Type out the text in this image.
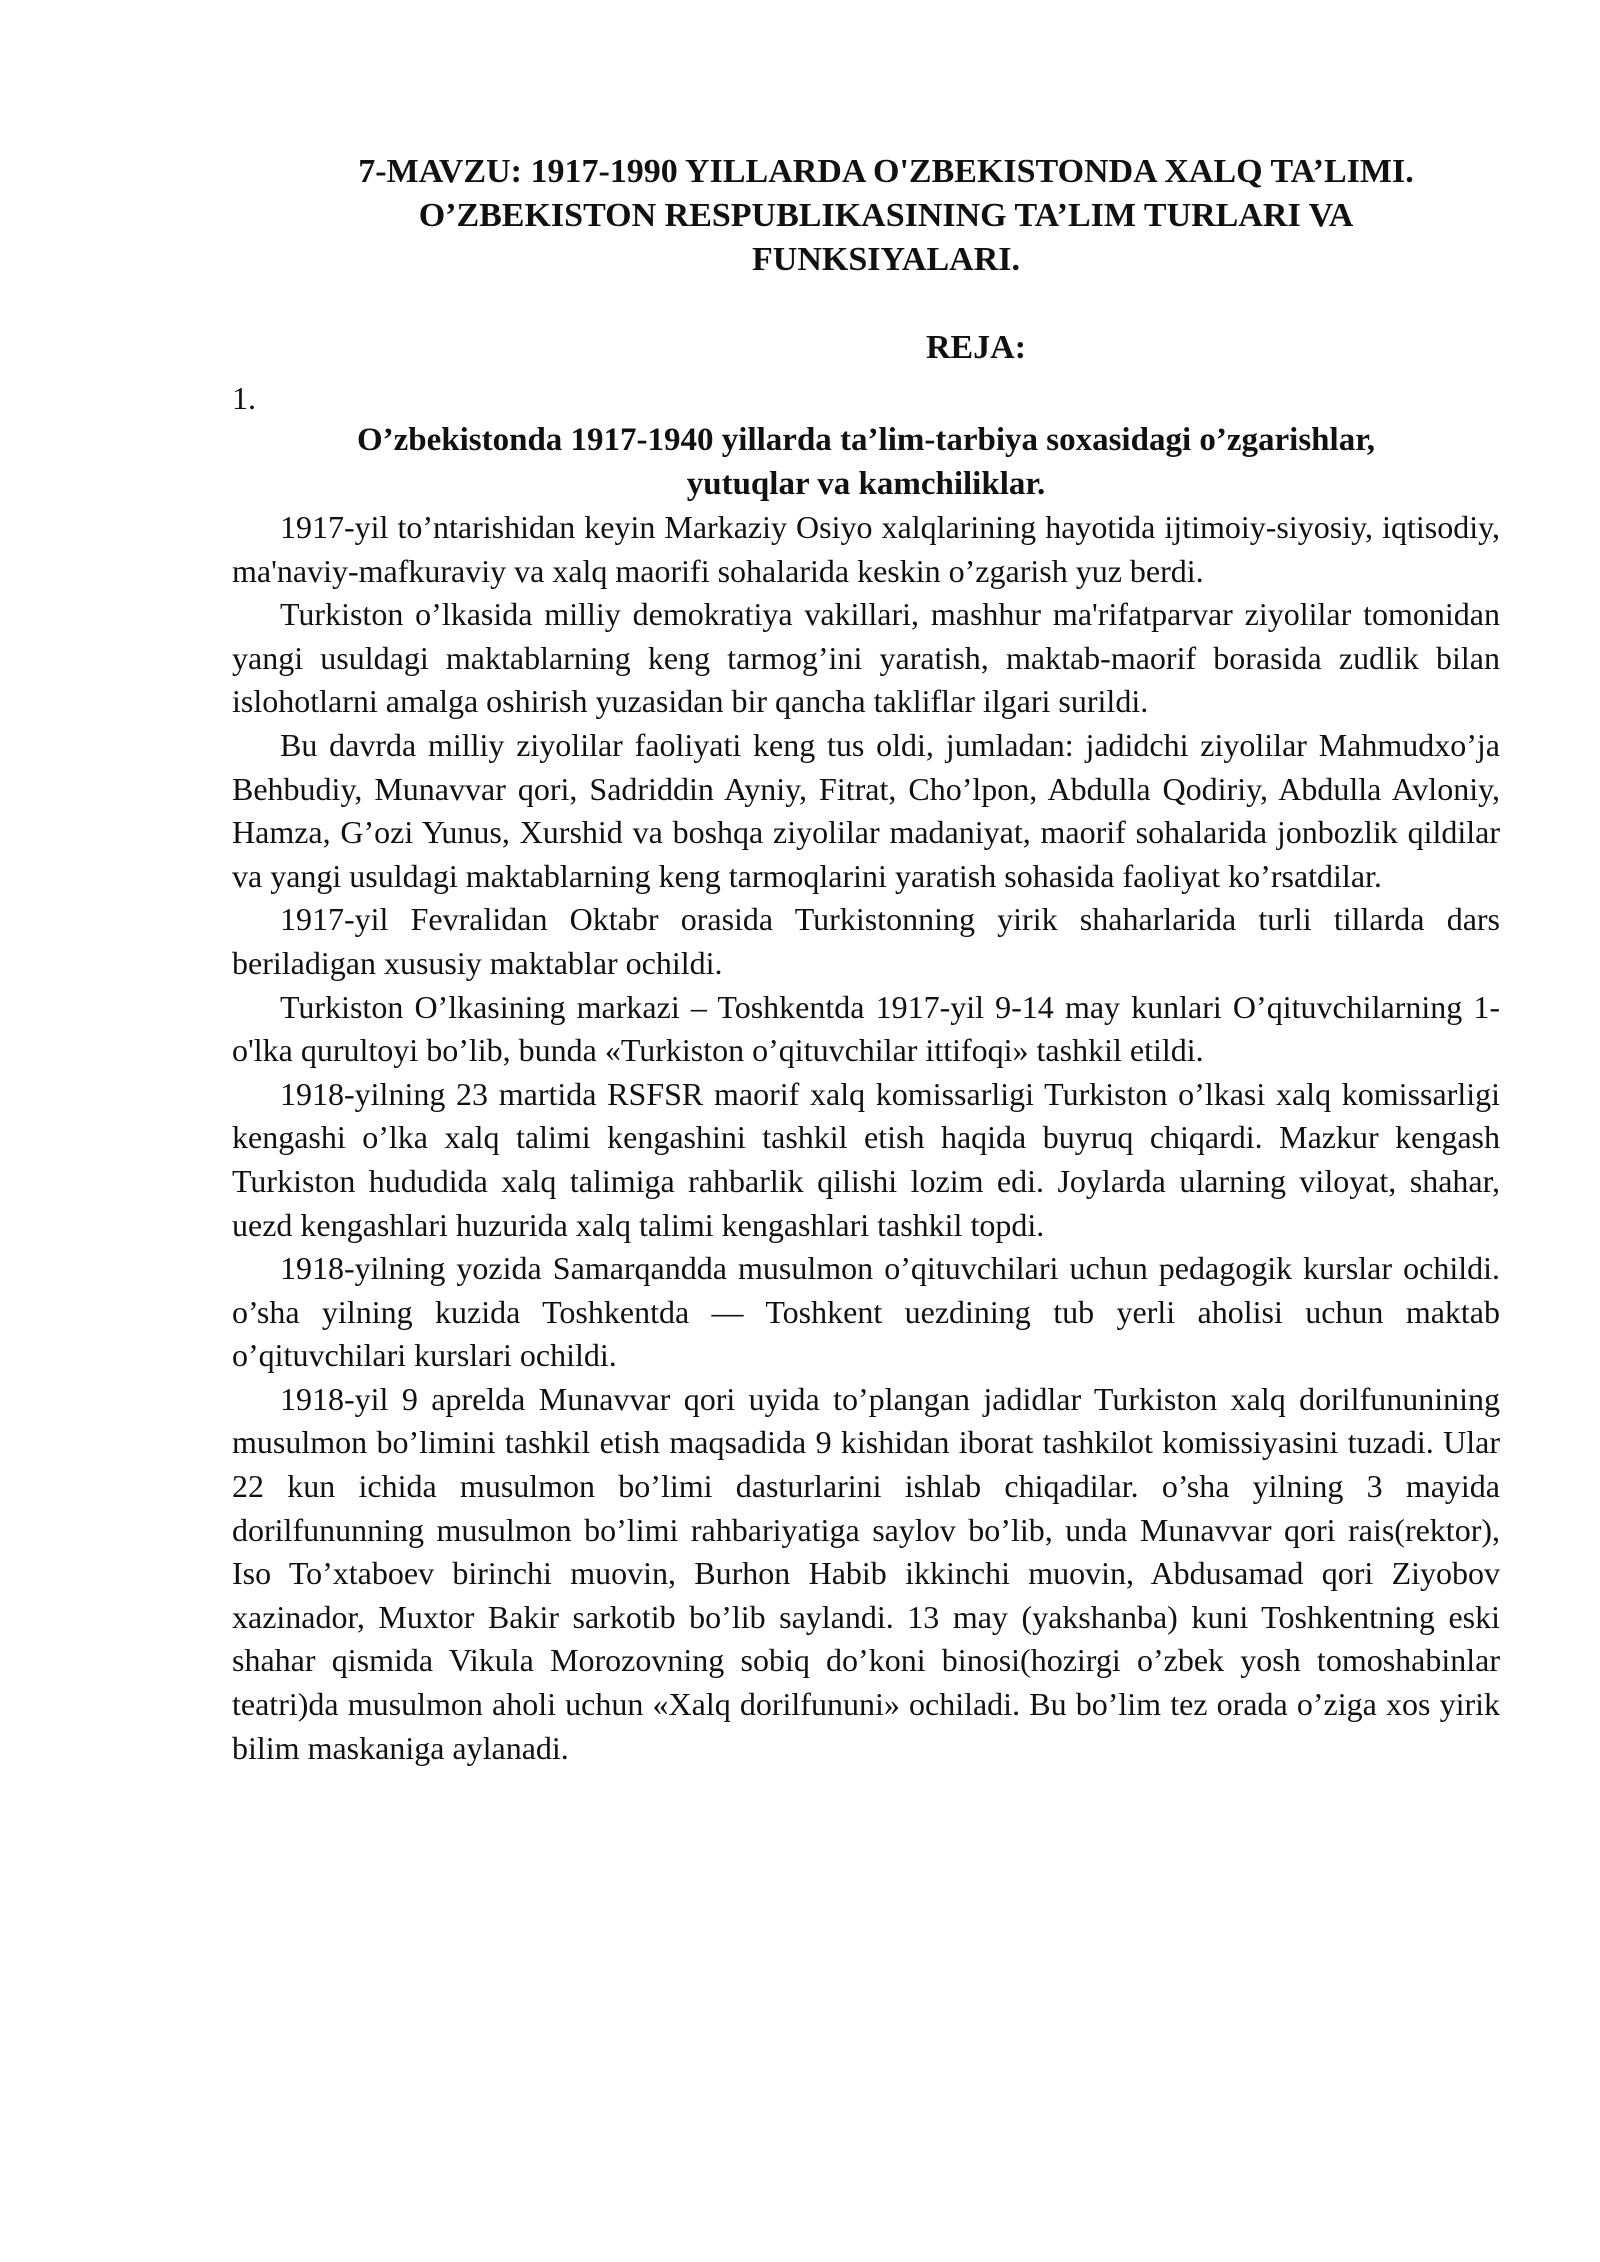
7-MAVZU: 1917-1990 YILLARDA O'ZBEKISTONDA XALQ TA’LIMI.
O’ZBEKISTON RESPUBLIKASINING TA’LIM TURLARI VA
FUNKSIYALARI.
REJA:
1.
O’zbekistonda 1917-1940 yillarda ta’lim-tarbiya soxasidagi o’zgarishlar,
yutuqlar va kamchiliklar.

1917-yil to’ntarishidan keyin Markaziy Osiyo xalqlarining hayotida ijtimoiy-siyosiy, iqtisodiy, ma'naviy-mafkuraviy va xalq maorifi sohalarida keskin o’zgarish yuz berdi.

Turkiston o’lkasida milliy demokratiya vakillari, mashhur ma'rifatparvar ziyolilar tomonidan yangi usuldagi maktablarning keng tarmog’ini yaratish, maktab-maorif borasida zudlik bilan islohotlarni amalga oshirish yuzasidan bir qancha takliflar ilgari surildi.

Bu davrda milliy ziyolilar faoliyati keng tus oldi, jumladan: jadidchi ziyolilar Mahmudxo’ja Behbudiy, Munavvar qori, Sadriddin Ayniy, Fitrat, Cho’lpon, Abdulla Qodiriy, Abdulla Avloniy, Hamza, G’ozi Yunus, Xurshid va boshqa ziyolilar madaniyat, maorif sohalarida jonbozlik qildilar va yangi usuldagi maktablarning keng tarmoqlarini yaratish sohasida faoliyat ko’rsatdilar.

1917-yil Fevralidan Oktabr orasida Turkistonning yirik shaharlarida turli tillarda dars beriladigan xususiy maktablar ochildi.

Turkiston O’lkasining markazi – Toshkentda 1917-yil 9-14 may kunlari O’qituvchilarning 1-o'lka qurultoyi bo’lib, bunda «Turkiston o’qituvchilar ittifoqi» tashkil etildi.

1918-yilning 23 martida RSFSR maorif xalq komissarligi Turkiston o’lkasi xalq komissarligi kengashi o’lka xalq talimi kengashini tashkil etish haqida buyruq chiqardi. Mazkur kengash Turkiston hududida xalq talimiga rahbarlik qilishi lozim edi. Joylarda ularning viloyat, shahar, uezd kengashlari huzurida xalq talimi kengashlari tashkil topdi.

1918-yilning yozida Samarqandda musulmon o’qituvchilari uchun pedagogik kurslar ochildi. o’sha yilning kuzida Toshkentda — Toshkent uezdining tub yerli aholisi uchun maktab o’qituvchilari kurslari ochildi.

1918-yil 9 aprelda Munavvar qori uyida to’plangan jadidlar Turkiston xalq dorilfununining musulmon bo’limini tashkil etish maqsadida 9 kishidan iborat tashkilot komissiyasini tuzadi. Ular 22 kun ichida musulmon bo’limi dasturlarini ishlab chiqadilar. o’sha yilning 3 mayida dorilfununning musulmon bo’limi rahbariyatiga saylov bo’lib, unda Munavvar qori rais(rektor), Iso To’xtaboev birinchi muovin, Burhon Habib ikkinchi muovin, Abdusamad qori Ziyobov xazinador, Muxtor Bakir sarkotib bo’lib saylandi. 13 may (yakshanba) kuni Toshkentning eski shahar qismida Vikula Morozovning sobiq do’koni binosi(hozirgi o’zbek yosh tomoshabinlar teatri)da musulmon aholi uchun «Xalq dorilfununi» ochiladi. Bu bo’lim tez orada o’ziga xos yirik bilim maskaniga aylanadi.
